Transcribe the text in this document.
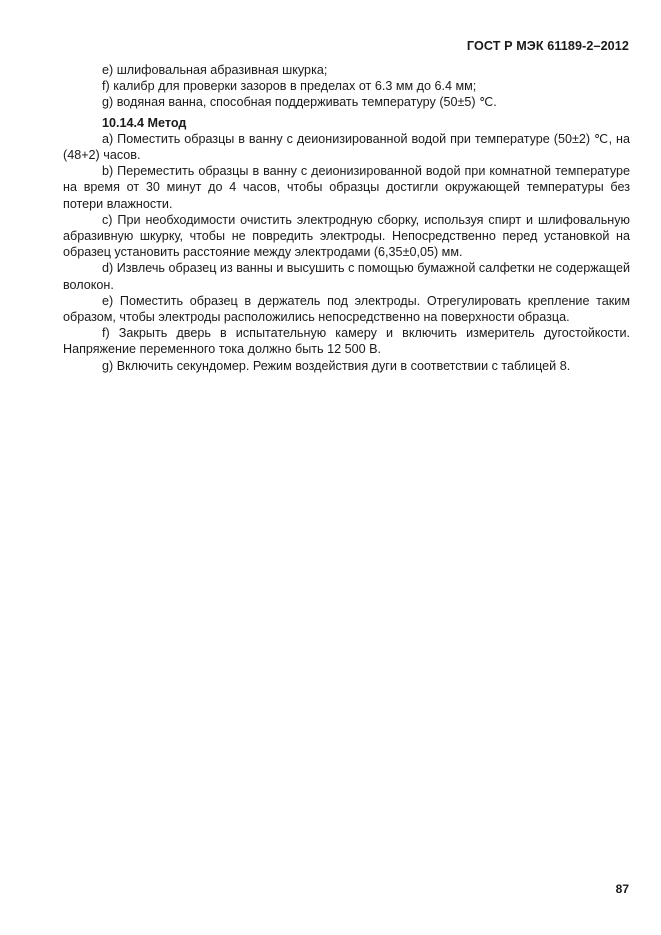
ГОСТ Р МЭК 61189-2–2012

e) шлифовальная абразивная шкурка;

f) калибр для проверки зазоров в пределах от 6.3 мм до 6.4 мм;

g) водяная ванна, способная поддерживать температуру (50±5) ℃.

10.14.4 Метод

a) Поместить образцы в ванну с деионизированной водой при температуре (50±2) ℃, на (48+2) часов.

b) Переместить образцы в ванну с деионизированной водой при комнатной температуре на время от 30 минут до 4 часов, чтобы образцы достигли окружающей температуры без потери влажности.

c) При необходимости очистить электродную сборку, используя спирт и шлифовальную абразивную шкурку, чтобы не повредить электроды. Непосредственно перед установкой на образец установить расстояние между электродами (6,35±0,05) мм.

d) Извлечь образец из ванны и высушить с помощью бумажной салфетки не содержащей волокон.

e) Поместить образец в держатель под электроды. Отрегулировать крепление таким образом, чтобы электроды расположились непосредственно на поверхности образца.

f) Закрыть дверь в испытательную камеру и включить измеритель дугостойкости. Напряжение переменного тока должно быть 12 500 В.

g) Включить секундомер. Режим воздействия дуги в соответствии с таблицей 8.

87
